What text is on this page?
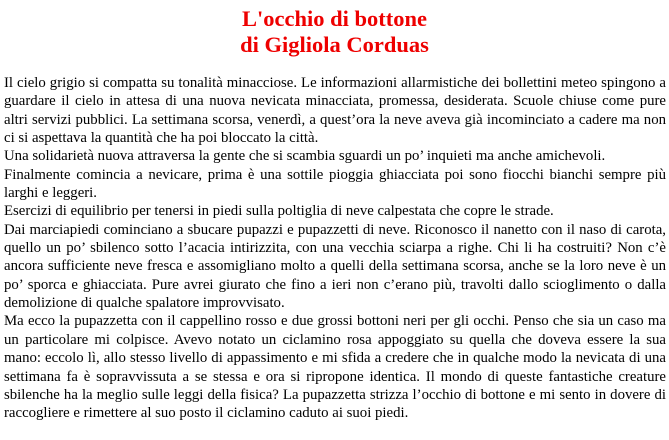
L'occhio di bottone
di Gigliola Corduas

Il cielo grigio si compatta su tonalità minacciose. Le informazioni allarmistiche dei bollettini meteo spingono a guardare il cielo in attesa di una nuova nevicata minacciata, promessa, desiderata. Scuole chiuse come pure altri servizi pubblici. La settimana scorsa, venerdì, a quest’ora la neve aveva già incominciato a cadere ma non ci si aspettava la quantità che ha poi bloccato la città.

Una solidarietà nuova attraversa la gente che si scambia sguardi un po’ inquieti ma anche amichevoli.

Finalmente comincia a nevicare, prima è una sottile pioggia ghiacciata poi sono fiocchi bianchi sempre più larghi e leggeri.

Esercizi di equilibrio per tenersi in piedi sulla poltiglia di neve calpestata che copre le strade.

Dai marciapiedi cominciano a sbucare pupazzi e pupazzetti di neve. Riconosco il nanetto con il naso di carota, quello un po’ sbilenco sotto l’acacia intirizzita, con una vecchia sciarpa a righe. Chi li ha costruiti? Non c’è ancora sufficiente neve fresca e assomigliano molto a quelli della settimana scorsa, anche se la loro neve è un po’ sporca e ghiacciata. Pure avrei giurato che fino a ieri non c’erano più, travolti dallo scioglimento o dalla demolizione di qualche spalatore improvvisato.

Ma ecco la pupazzetta con il cappellino rosso e due grossi bottoni neri per gli occhi. Penso che sia un caso ma un particolare mi colpisce. Avevo notato un ciclamino rosa appoggiato su quella che doveva essere la sua mano: eccolo lì, allo stesso livello di appassimento e mi sfida a credere che in qualche modo la nevicata di una settimana fa è sopravvissuta a se stessa e ora si ripropone identica. Il mondo di queste fantastiche creature sbilenche ha la meglio sulle leggi della fisica? La pupazzetta strizza l’occhio di bottone e mi sento in dovere di raccogliere e rimettere al suo posto il ciclamino caduto ai suoi piedi.
